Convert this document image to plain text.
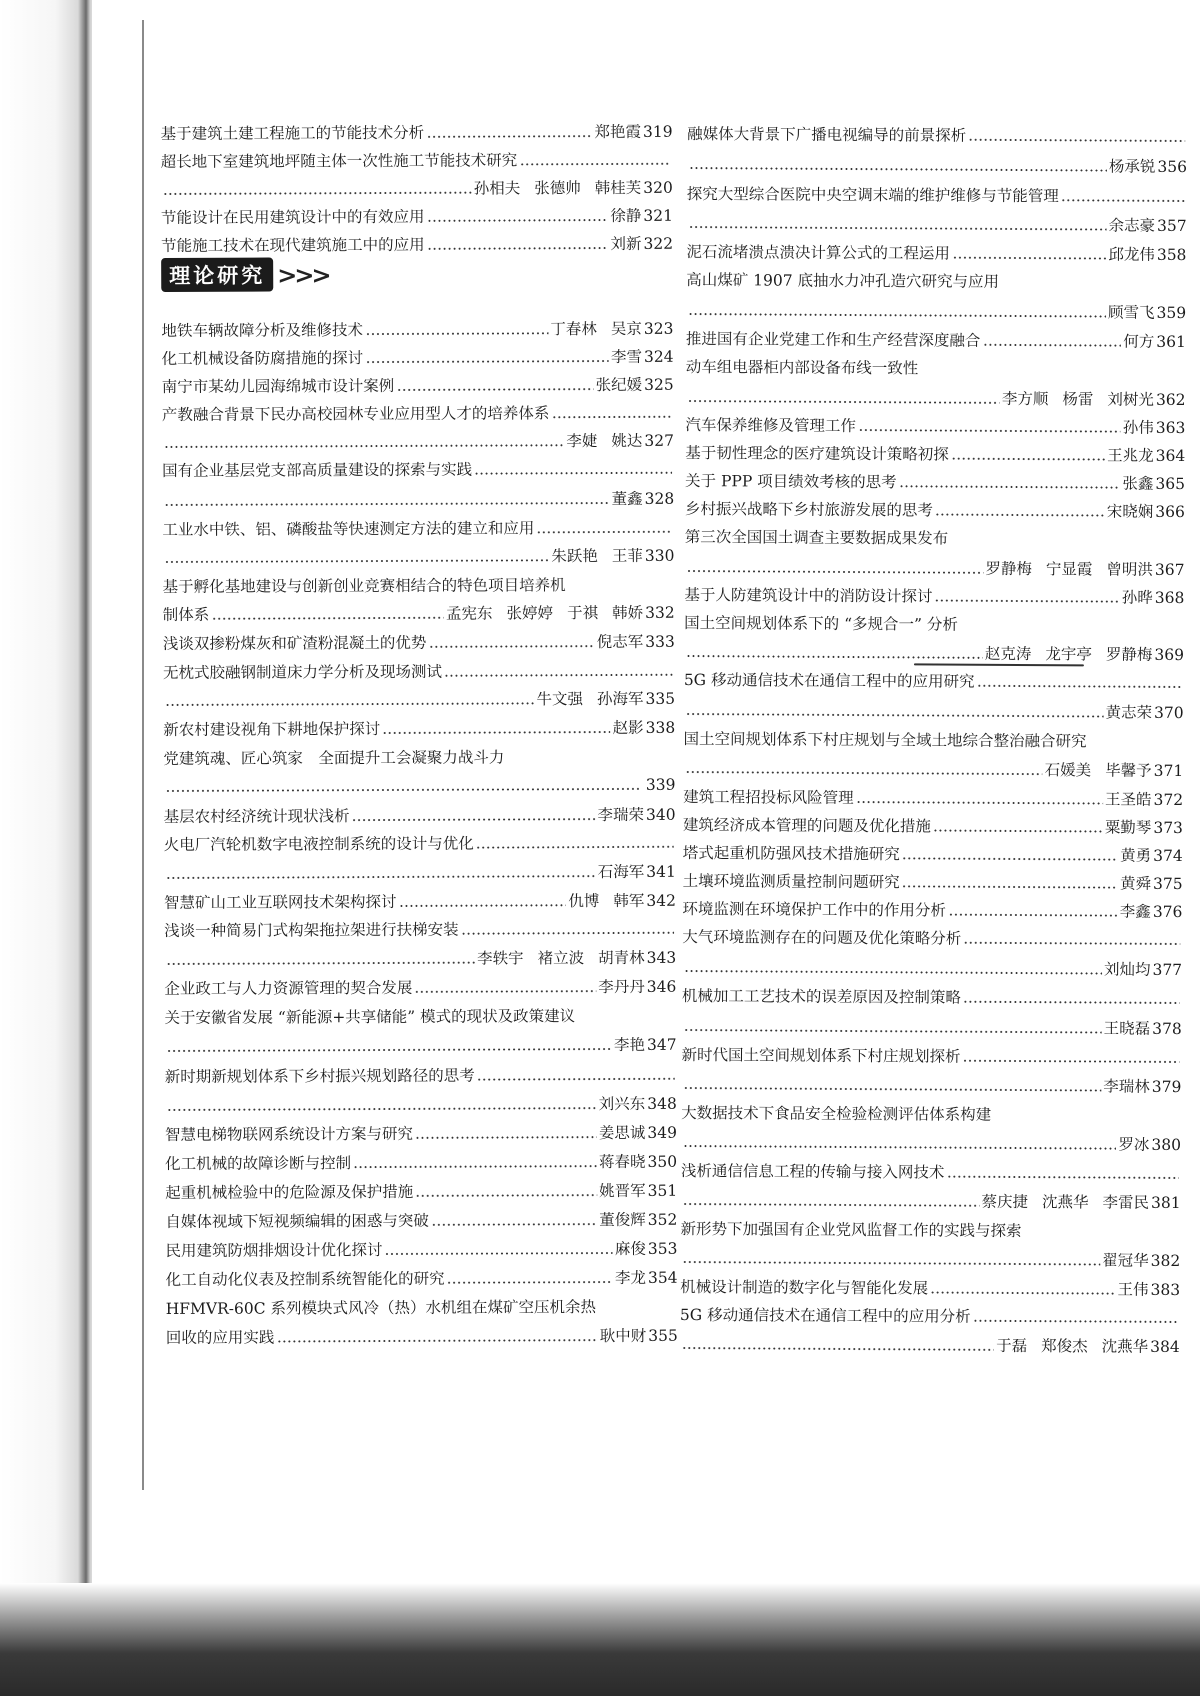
基于建筑土建工程施工的节能技术分析	郑艳霞 319
超长地下室建筑地坪随主体一次性施工节能技术研究
孙相夫 张德帅 韩桂芙 320
节能设计在民用建筑设计中的有效应用	徐静 321
节能施工技术在现代建筑施工中的应用	刘新 322
理论研究 >>>
地铁车辆故障分析及维修技术	丁春林 吴京 323
化工机械设备防腐措施的探讨	李雪 324
南宁市某幼儿园海绵城市设计案例	张纪媛 325
产教融合背景下民办高校园林专业应用型人才的培养体系
李婕 姚达 327
国有企业基层党支部高质量建设的探索与实践
董鑫 328
工业水中铁、铝、磷酸盐等快速测定方法的建立和应用
朱跃艳 王菲 330
基于孵化基地建设与创新创业竞赛相结合的特色项目培养机
制体系	孟宪东 张婷婷 于祺 韩娇 332
浅谈双掺粉煤灰和矿渣粉混凝土的优势	倪志军 333
无枕式胶融钢制道床力学分析及现场测试
牛文强 孙海军 335
新农村建设视角下耕地保护探讨	赵影 338
党建筑魂、匠心筑家　全面提升工会凝聚力战斗力
339
基层农村经济统计现状浅析	李瑞荣 340
火电厂汽轮机数字电液控制系统的设计与优化
石海军 341
智慧矿山工业互联网技术架构探讨	仇博 韩军 342
浅谈一种简易门式构架拖拉架进行扶梯安装
李轶宇 褚立波 胡青林 343
企业政工与人力资源管理的契合发展	李丹丹 346
关于安徽省发展 “新能源+共享储能” 模式的现状及政策建议
李艳 347
新时期新规划体系下乡村振兴规划路径的思考
刘兴东 348
智慧电梯物联网系统设计方案与研究	姜思诚 349
化工机械的故障诊断与控制	蒋春晓 350
起重机械检验中的危险源及保护措施	姚晋军 351
自媒体视域下短视频编辑的困惑与突破	董俊辉 352
民用建筑防烟排烟设计优化探讨	麻俊 353
化工自动化仪表及控制系统智能化的研究	李龙 354
HFMVR-60C 系列模块式风冷（热）水机组在煤矿空压机余热
回收的应用实践	耿中财 355
融媒体大背景下广播电视编导的前景探析
杨承锐 356
探究大型综合医院中央空调末端的维护维修与节能管理
余志豪 357
泥石流堵溃点溃决计算公式的工程运用	邱龙伟 358
高山煤矿 1907 底抽水力冲孔造穴研究与应用
顾雪飞 359
推进国有企业党建工作和生产经营深度融合	何方 361
动车组电器柜内部设备布线一致性
李方顺 杨雷 刘树光 362
汽车保养维修及管理工作	孙伟 363
基于韧性理念的医疗建筑设计策略初探	王兆龙 364
关于 PPP 项目绩效考核的思考	张鑫 365
乡村振兴战略下乡村旅游发展的思考	宋晓娴 366
第三次全国国土调查主要数据成果发布
罗静梅 宁显霞 曾明洪 367
基于人防建筑设计中的消防设计探讨	孙晔 368
国土空间规划体系下的 “多规合一” 分析
赵克涛 龙宇亭 罗静梅 369
5G 移动通信技术在通信工程中的应用研究
黄志荣 370
国土空间规划体系下村庄规划与全域土地综合整治融合研究
石媛美 毕馨予 371
建筑工程招投标风险管理	王圣皓 372
建筑经济成本管理的问题及优化措施	粟勤琴 373
塔式起重机防强风技术措施研究	黄勇 374
土壤环境监测质量控制问题研究	黄舜 375
环境监测在环境保护工作中的作用分析	李鑫 376
大气环境监测存在的问题及优化策略分析
刘灿均 377
机械加工工艺技术的误差原因及控制策略
王晓磊 378
新时代国土空间规划体系下村庄规划探析
李瑞林 379
大数据技术下食品安全检验检测评估体系构建
罗冰 380
浅析通信信息工程的传输与接入网技术
蔡庆捷 沈燕华 李雷民 381
新形势下加强国有企业党风监督工作的实践与探索
翟冠华 382
机械设计制造的数字化与智能化发展	王伟 383
5G 移动通信技术在通信工程中的应用分析
于磊 郑俊杰 沈燕华 384
